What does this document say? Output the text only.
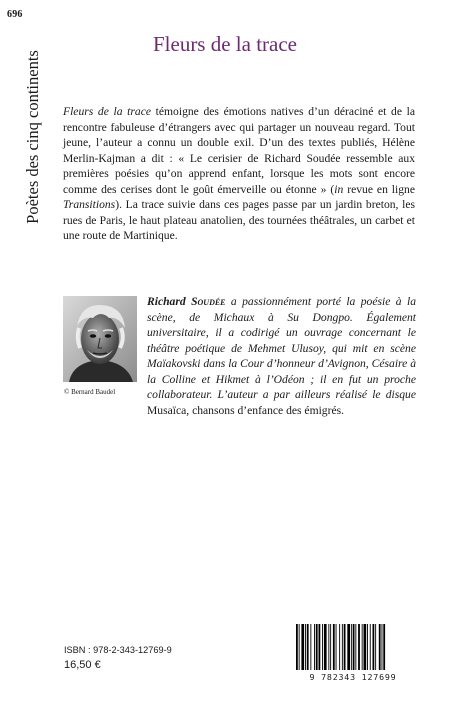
696
Poètes des cinq continents
Fleurs de la trace

Fleurs de la trace témoigne des émotions natives d’un déraciné et de la rencontre fabuleuse d’étrangers avec qui partager un nouveau regard. Tout jeune, l’auteur a connu un double exil. D’un des textes publiés, Hélène Merlin-Kajman a dit : « Le cerisier de Richard Soudée ressemble aux premières poésies qu’on apprend enfant, lorsque les mots sont encore comme des cerises dont le goût émerveille ou étonne » (in revue en ligne Transitions). La trace suivie dans ces pages passe par un jardin breton, les rues de Paris, le haut plateau anatolien, des tournées théâtrales, un carbet et une route de Martinique.

© Bernard Baudel

Richard Soudée a passionnément porté la poésie à la scène, de Michaux à Su Dongpo. Également universitaire, il a codirigé un ouvrage concernant le théâtre poétique de Mehmet Ulusoy, qui mit en scène Maïakovski dans la Cour d’honneur d’Avignon, Césaire à la Colline et Hikmet à l’Odéon ; il en fut un proche collaborateur. L’auteur a par ailleurs réalisé le disque Musaïca, chansons d’enfance des émigrés.

ISBN : 978-2-343-12769-9
16,50 €
9 782343 127699
